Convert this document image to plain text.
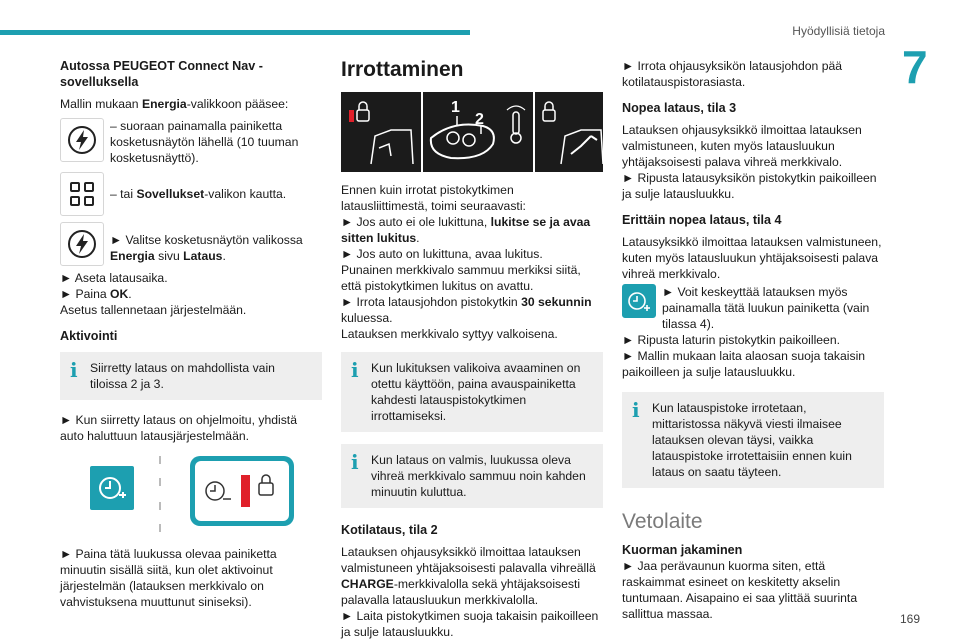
Hyödyllisiä tietoja
7
Autossa PEUGEOT Connect Nav -sovelluksella

Mallin mukaan Energia-valikkoon pääsee:

– suoraan painamalla painiketta kosketusnäytön lähellä (10 tuuman kosketusnäyttö).
– tai Sovellukset-valikon kautta.
► Valitse kosketusnäytön valikossa Energia sivu Lataus.

► Aseta latausaika.

► Paina OK.

Asetus tallennetaan järjestelmään.

Aktivointi
i Siirretty lataus on mahdollista vain tiloissa 2 ja 3.

► Kun siirretty lataus on ohjelmoitu, yhdistä auto haluttuun latausjärjestelmään.

► Paina tätä luukussa olevaa painiketta minuutin sisällä siitä, kun olet aktivoinut järjestelmän (latauksen merkkivalo on vahvistuksena muuttunut siniseksi).

Irrottaminen
1
2

Ennen kuin irrotat pistokytkimen latausliittimestä, toimi seuraavasti:

► Jos auto ei ole lukittuna, lukitse se ja avaa sitten lukitus.

► Jos auto on lukittuna, avaa lukitus.

Punainen merkkivalo sammuu merkiksi siitä, että pistokytkimen lukitus on avattu.

► Irrota latausjohdon pistokytkin 30 sekunnin kuluessa.

Latauksen merkkivalo syttyy valkoisena.

i Kun lukituksen valikoiva avaaminen on otettu käyttöön, paina avauspainiketta kahdesti latauspistokytkimen irrottamiseksi.
i Kun lataus on valmis, luukussa oleva vihreä merkkivalo sammuu noin kahden minuutin kuluttua.
Kotilataus, tila 2

Latauksen ohjausyksikkö ilmoittaa latauksen valmistuneen yhtäjaksoisesti palavalla vihreällä CHARGE-merkkivalolla sekä yhtäjaksoisesti palavalla latausluukun merkkivalolla.

► Laita pistokytkimen suoja takaisin paikoilleen ja sulje latausluukku.

► Irrota ohjausyksikön latausjohdon pää kotilatauspistorasiasta.

Nopea lataus, tila 3

Latauksen ohjausyksikkö ilmoittaa latauksen valmistuneen, kuten myös latausluukun yhtäjaksoisesti palava vihreä merkkivalo.

► Ripusta latausyksikön pistokytkin paikoilleen ja sulje latausluukku.

Erittäin nopea lataus, tila 4

Latausyksikkö ilmoittaa latauksen valmistuneen, kuten myös latausluukun yhtäjaksoisesti palava vihreä merkkivalo.

► Voit keskeyttää latauksen myös painamalla tätä luukun painiketta (vain tilassa 4).

► Ripusta laturin pistokytkin paikoilleen.

► Mallin mukaan laita alaosan suoja takaisin paikoilleen ja sulje latausluukku.

i Kun latauspistoke irrotetaan, mittaristossa näkyvä viesti ilmaisee latauksen olevan täysi, vaikka latauspistoke irrotettaisiin ennen kuin lataus on saatu täyteen.
Vetolaite
Kuorman jakaminen

► Jaa perävaunun kuorma siten, että raskaimmat esineet on keskitetty akselin tuntumaan. Aisapaino ei saa ylittää suurinta sallittua massaa.	169
